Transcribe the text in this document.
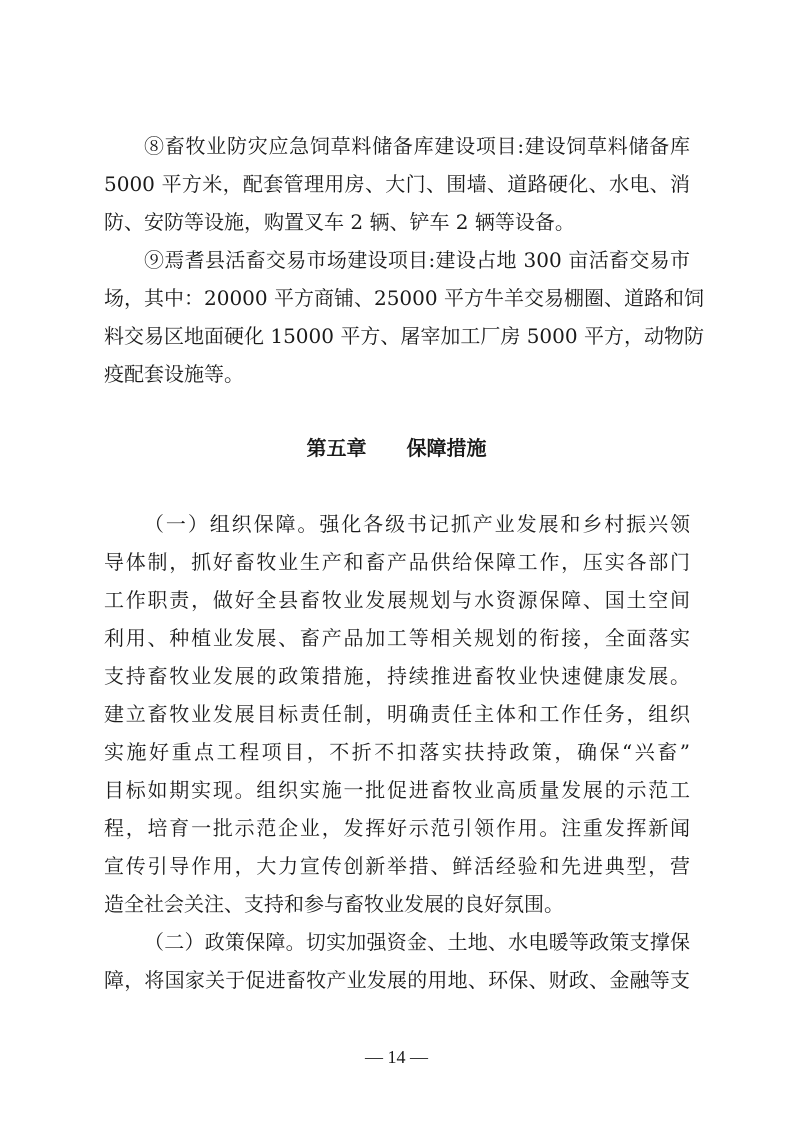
⑧畜牧业防灾应急饲草料储备库建设项目:建设饲草料储备库
5000 平方米，配套管理用房、大门、围墙、道路硬化、水电、消
防、安防等设施，购置叉车 2 辆、铲车 2 辆等设备。
⑨焉耆县活畜交易市场建设项目:建设占地 300 亩活畜交易市
场，其中：20000 平方商铺、25000 平方牛羊交易棚圈、道路和饲
料交易区地面硬化 15000 平方、屠宰加工厂房 5000 平方，动物防
疫配套设施等。
第五章 保障措施
（一）组织保障。强化各级书记抓产业发展和乡村振兴领
导体制，抓好畜牧业生产和畜产品供给保障工作，压实各部门
工作职责，做好全县畜牧业发展规划与水资源保障、国土空间
利用、种植业发展、畜产品加工等相关规划的衔接，全面落实
支持畜牧业发展的政策措施，持续推进畜牧业快速健康发展。
建立畜牧业发展目标责任制，明确责任主体和工作任务，组织
实施好重点工程项目，不折不扣落实扶持政策，确保“兴畜”
目标如期实现。组织实施一批促进畜牧业高质量发展的示范工
程，培育一批示范企业，发挥好示范引领作用。注重发挥新闻
宣传引导作用，大力宣传创新举措、鲜活经验和先进典型，营
造全社会关注、支持和参与畜牧业发展的良好氛围。
（二）政策保障。切实加强资金、土地、水电暖等政策支撑保
障，将国家关于促进畜牧产业发展的用地、环保、财政、金融等支
— 14 —
